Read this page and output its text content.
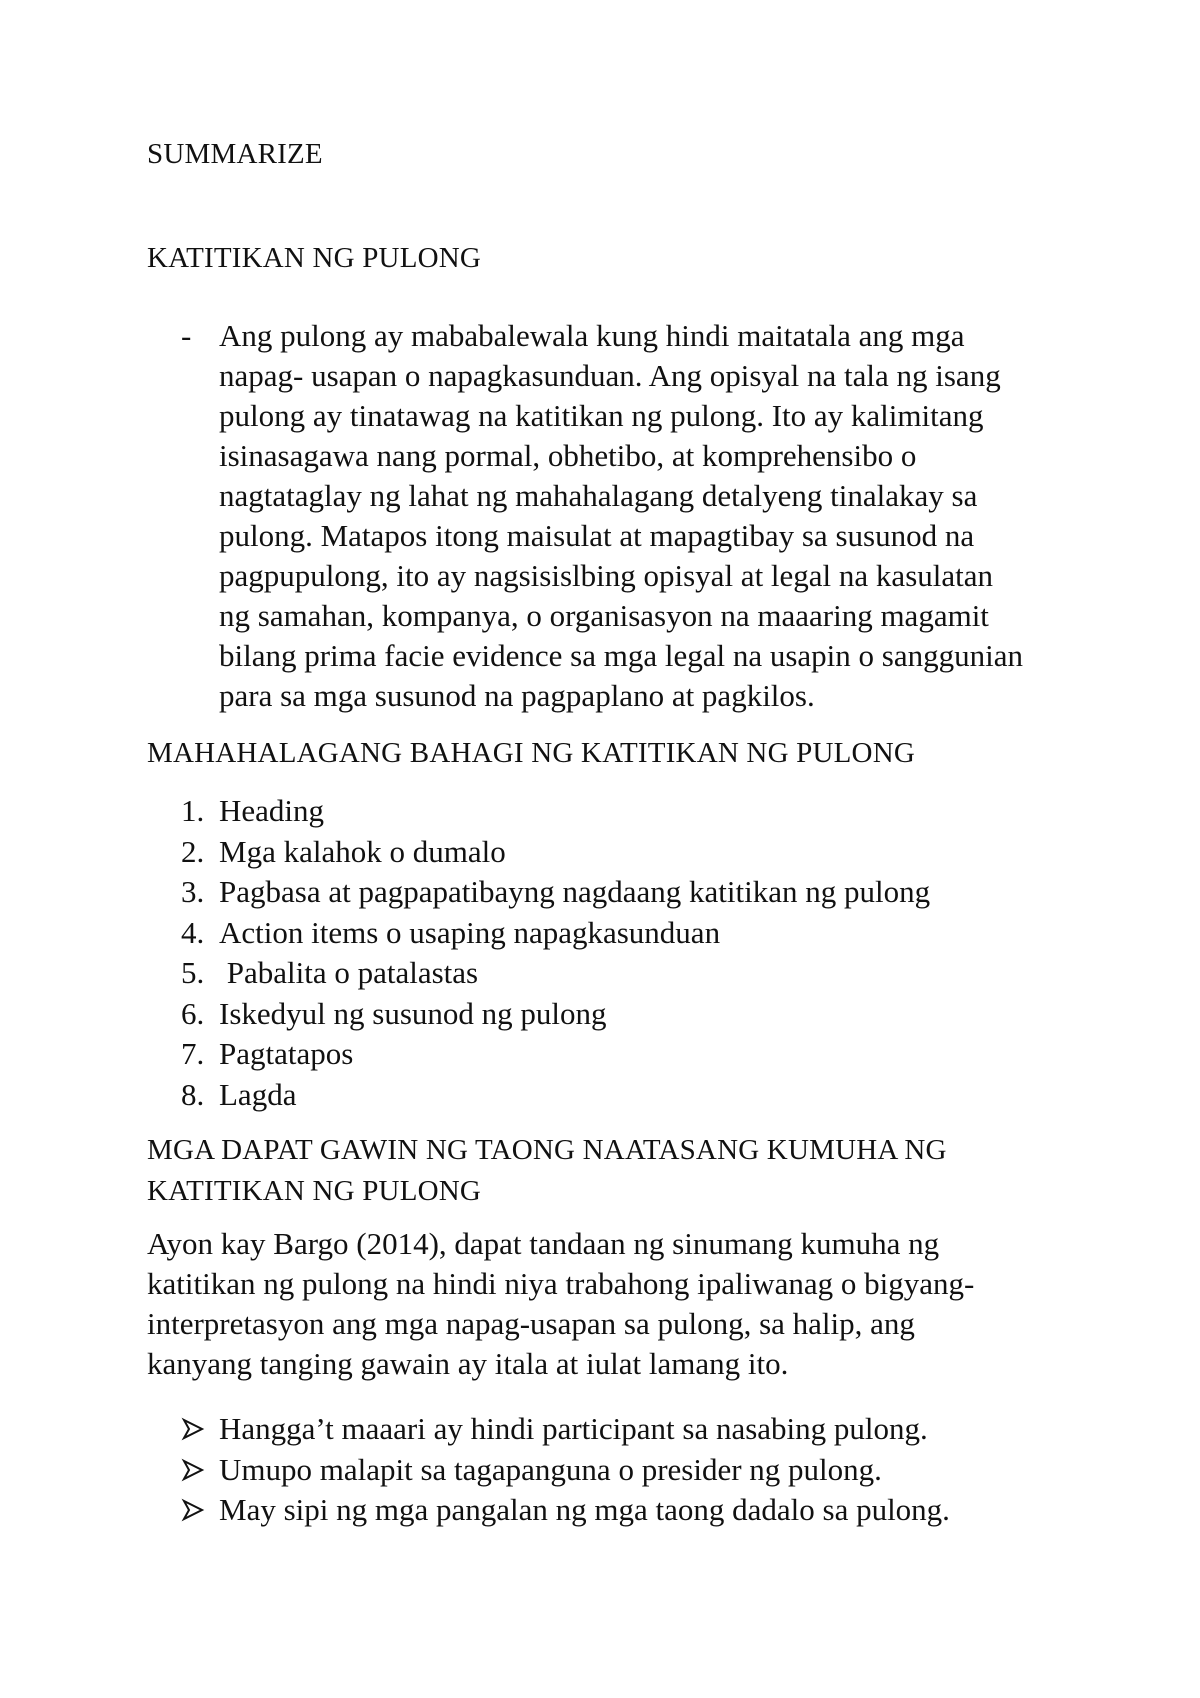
SUMMARIZE
KATITIKAN NG PULONG
- Ang pulong ay mababalewala kung hindi maitatala ang mga
napag- usapan o napagkasunduan. Ang opisyal na tala ng isang
pulong ay tinatawag na katitikan ng pulong. Ito ay kalimitang
isinasagawa nang pormal, obhetibo, at komprehensibo o
nagtataglay ng lahat ng mahahalagang detalyeng tinalakay sa
pulong. Matapos itong maisulat at mapagtibay sa susunod na
pagpupulong, ito ay nagsisislbing opisyal at legal na kasulatan
ng samahan, kompanya, o organisasyon na maaaring magamit
bilang prima facie evidence sa mga legal na usapin o sanggunian
para sa mga susunod na pagpaplano at pagkilos.
MAHAHALAGANG BAHAGI NG KATITIKAN NG PULONG
1. Heading
2. Mga kalahok o dumalo
3. Pagbasa at pagpapatibayng nagdaang katitikan ng pulong
4. Action items o usaping napagkasunduan
5. Pabalita o patalastas
6. Iskedyul ng susunod ng pulong
7. Pagtatapos
8. Lagda
MGA DAPAT GAWIN NG TAONG NAATASANG KUMUHA NG
KATITIKAN NG PULONG
Ayon kay Bargo (2014), dapat tandaan ng sinumang kumuha ng
katitikan ng pulong na hindi niya trabahong ipaliwanag o bigyang-
interpretasyon ang mga napag-usapan sa pulong, sa halip, ang
kanyang tanging gawain ay itala at iulat lamang ito.
Hangga’t maaari ay hindi participant sa nasabing pulong.
Umupo malapit sa tagapanguna o presider ng pulong.
May sipi ng mga pangalan ng mga taong dadalo sa pulong.
